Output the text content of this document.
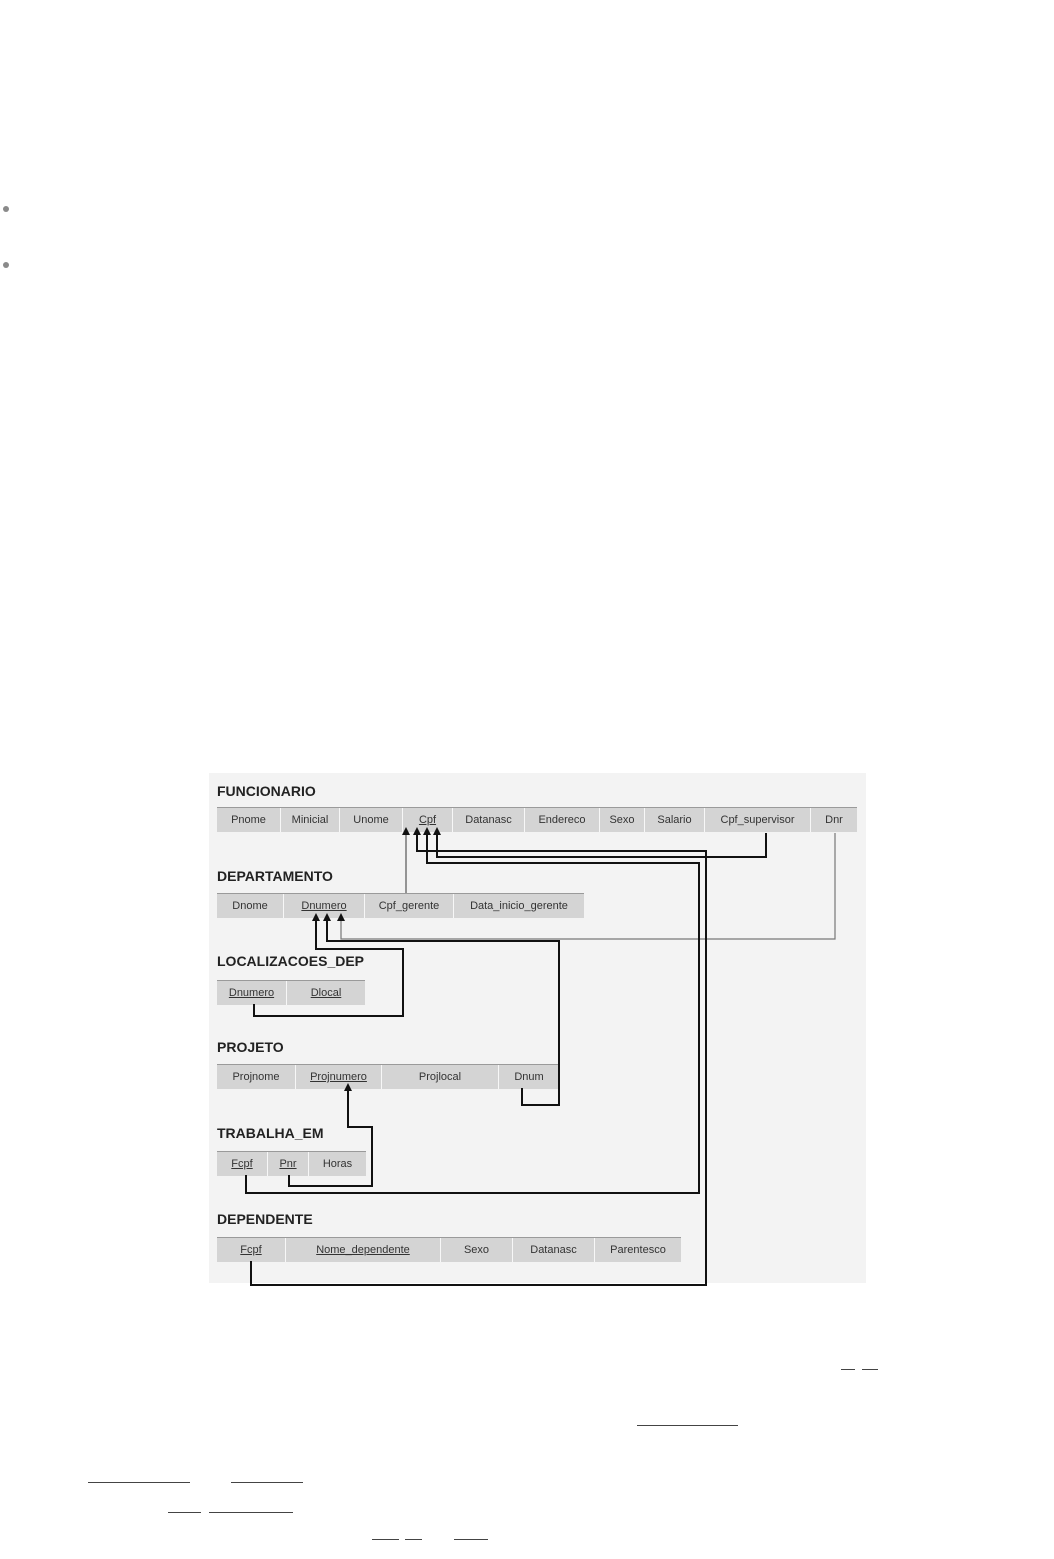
FUNCIONARIO
Pnome Minicial Unome	Cpf	Datanasc Endereco Sexo Salario	Cpf_supervisor	Dnr
DEPARTAMENTO
Dnome	Dnumero	Cpf_gerente	Data_inicio_gerente
LOCALIZACOES_DEP
Dnumero	Dlocal
PROJETO
Projnome	Projnumero	Projlocal	Dnum
TRABALHA_EM
Fcpf Pnr Horas
DEPENDENTE
Fcpf	Nome_dependente	Sexo	Datanasc	Parentesco
